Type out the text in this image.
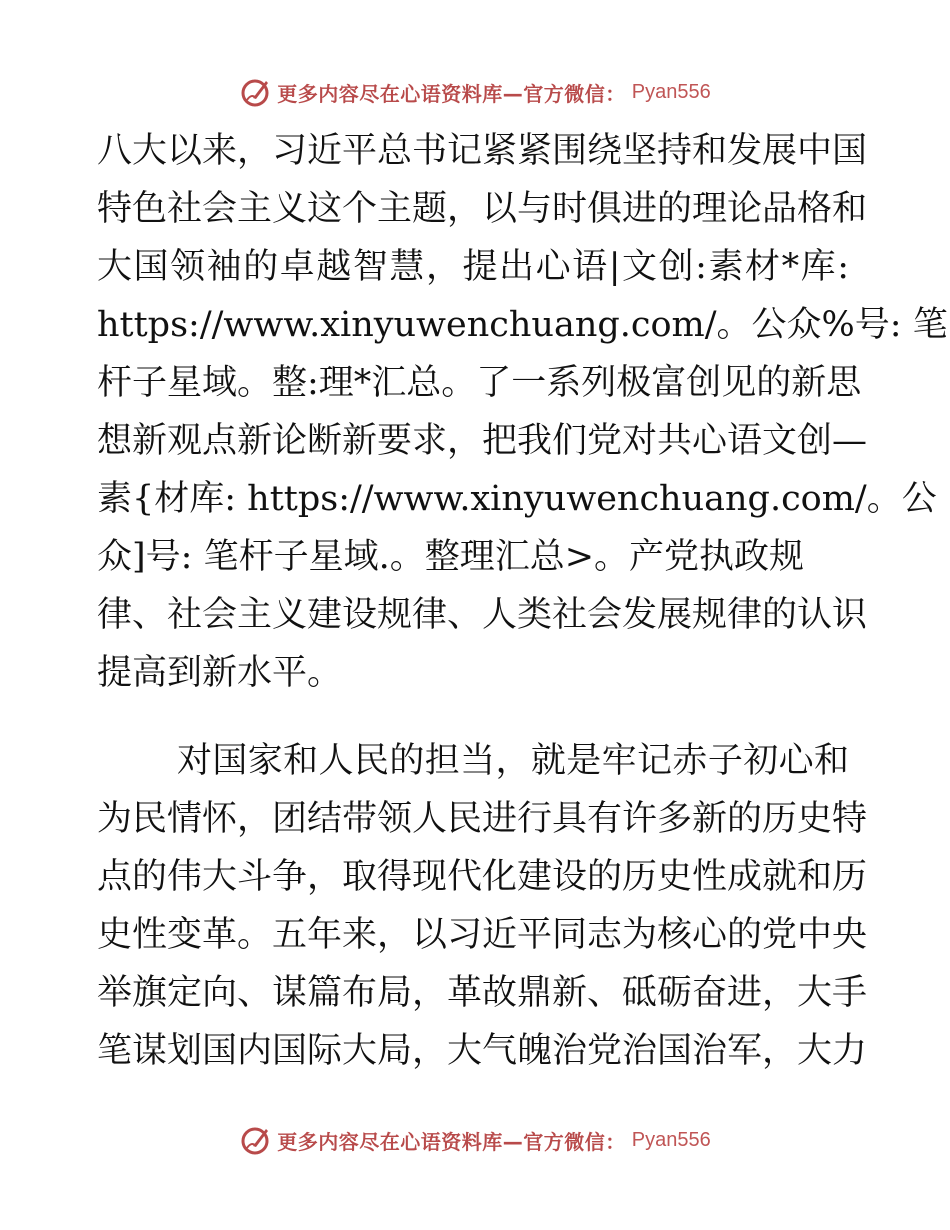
更多内容尽在心语资料库—官方微信： Pyan556
八大以来，习近平总书记紧紧围绕坚持和发展中国
特色社会主义这个主题，以与时俱进的理论品格和
大国领袖的卓越智慧，提出心语|文创:素材*库:
https://www.xinyuwenchuang.com/。公众%号: 笔
杆子星域。整:理*汇总。了一系列极富创见的新思
想新观点新论断新要求，把我们党对共心语文创—
素{材库: https://www.xinyuwenchuang.com/。公
众]号: 笔杆子星域.。整理汇总>。产党执政规
律、社会主义建设规律、人类社会发展规律的认识
提高到新水平。
对国家和人民的担当，就是牢记赤子初心和
为民情怀，团结带领人民进行具有许多新的历史特
点的伟大斗争，取得现代化建设的历史性成就和历
史性变革。五年来，以习近平同志为核心的党中央
举旗定向、谋篇布局，革故鼎新、砥砺奋进，大手
笔谋划国内国际大局，大气魄治党治国治军，大力
更多内容尽在心语资料库—官方微信： Pyan556
